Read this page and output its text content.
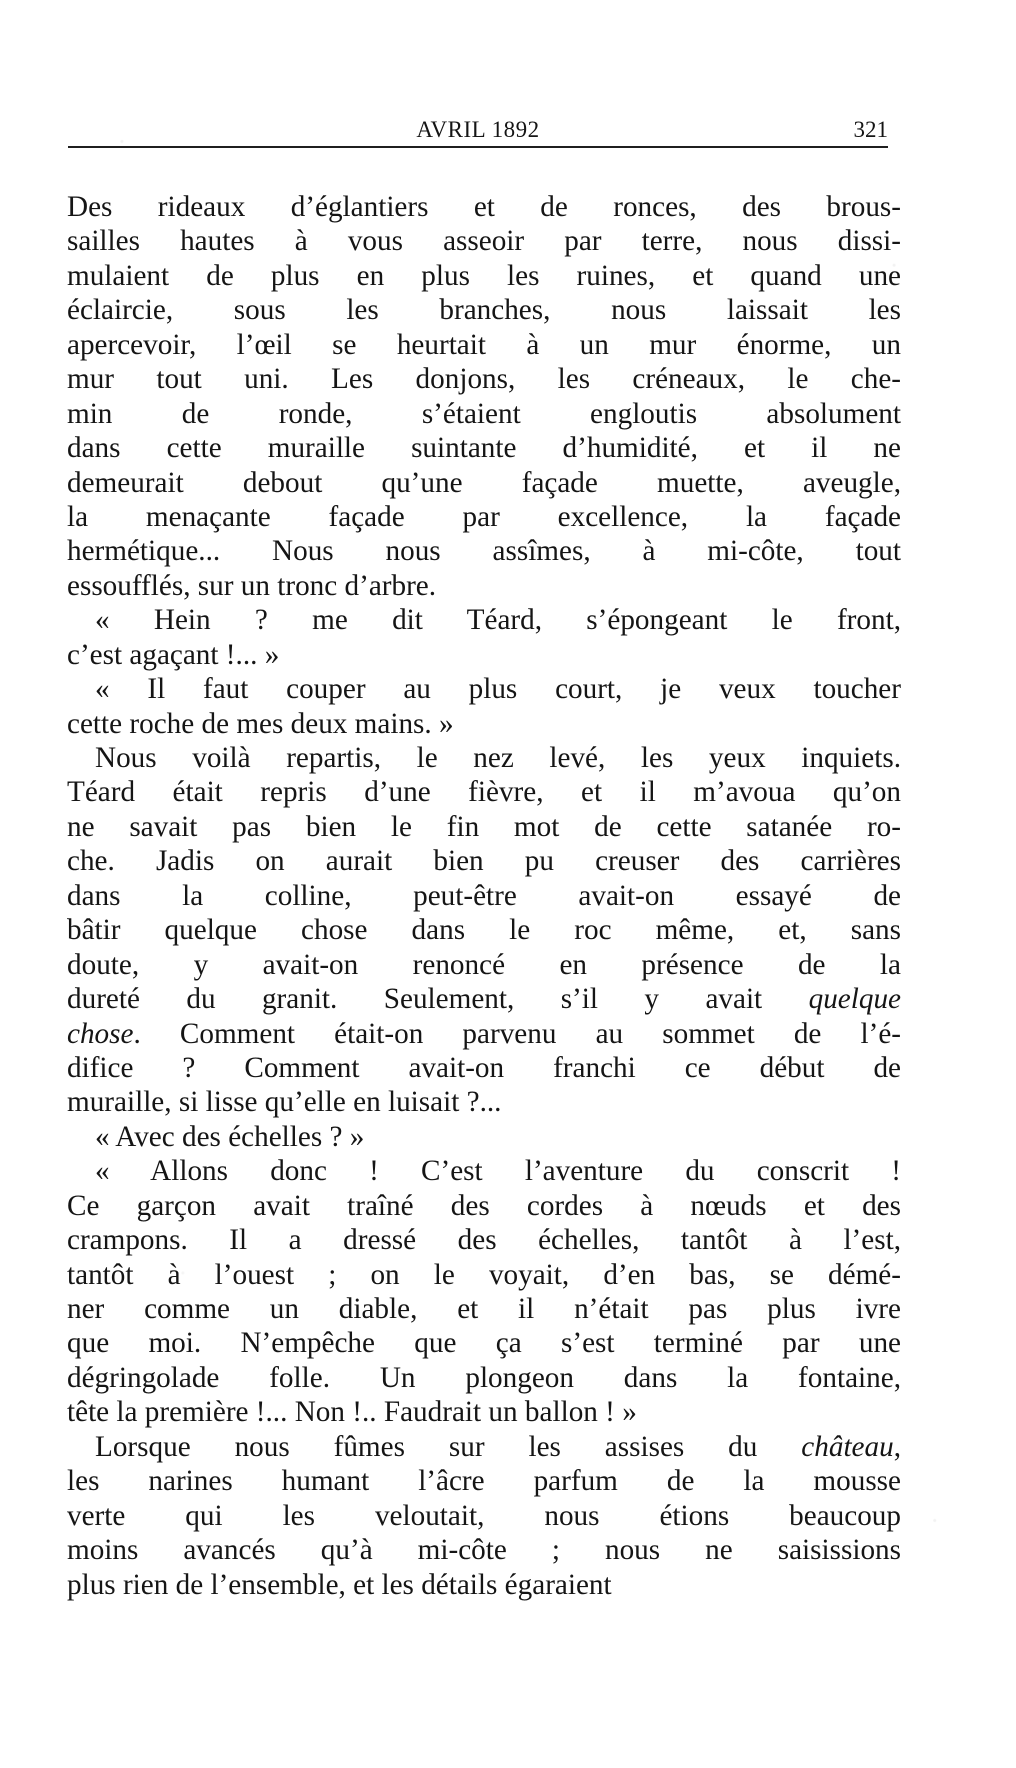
AVRIL 1892	321
Des rideaux d’églantiers et de ronces, des brous-
sailles hautes à vous asseoir par terre, nous dissi-
mulaient de plus en plus les ruines, et quand une
éclaircie, sous les branches, nous laissait les
apercevoir, l’œil se heurtait à un mur énorme, un
mur tout uni. Les donjons, les créneaux, le che-
min de ronde, s’étaient engloutis absolument
dans cette muraille suintante d’humidité, et il ne
demeurait debout qu’une façade muette, aveugle,
la menaçante façade par excellence, la façade
hermétique... Nous nous assîmes, à mi-côte, tout
essoufflés, sur un tronc d’arbre.
« Hein ? me dit Téard, s’épongeant le front,
c’est agaçant !... »
« Il faut couper au plus court, je veux toucher
cette roche de mes deux mains. »
Nous voilà repartis, le nez levé, les yeux inquiets.
Téard était repris d’une fièvre, et il m’avoua qu’on
ne savait pas bien le fin mot de cette satanée ro-
che. Jadis on aurait bien pu creuser des carrières
dans la colline, peut-être avait-on essayé de
bâtir quelque chose dans le roc même, et, sans
doute, y avait-on renoncé en présence de la
dureté du granit. Seulement, s’il y avait quelque
chose. Comment était-on parvenu au sommet de l’é-
difice ? Comment avait-on franchi ce début de
muraille, si lisse qu’elle en luisait ?...
« Avec des échelles ? »
« Allons donc ! C’est l’aventure du conscrit !
Ce garçon avait traîné des cordes à nœuds et des
crampons. Il a dressé des échelles, tantôt à l’est,
tantôt à l’ouest ; on le voyait, d’en bas, se démé-
ner comme un diable, et il n’était pas plus ivre
que moi. N’empêche que ça s’est terminé par une
dégringolade folle. Un plongeon dans la fontaine,
tête la première !... Non !.. Faudrait un ballon ! »
Lorsque nous fûmes sur les assises du château,
les narines humant l’âcre parfum de la mousse
verte qui les veloutait, nous étions beaucoup
moins avancés qu’à mi-côte ; nous ne saisissions
plus rien de l’ensemble, et les détails égaraient
